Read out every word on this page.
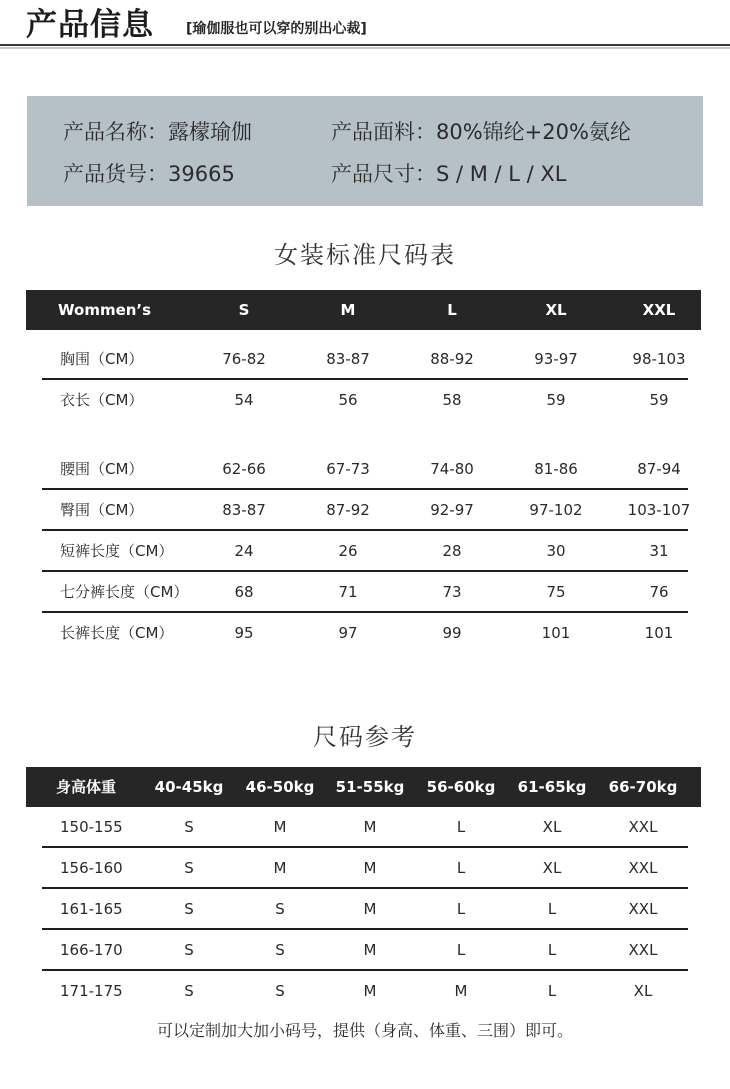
产品信息 [瑜伽服也可以穿的别出心裁]
产品名称：露檬瑜伽	产品面料：80%锦纶+20%氨纶
产品货号：39665	产品尺寸：S / M / L / XL
女装标准尺码表
Wommen’s	S	M	L	XL	XXL
胸围（CM）	76-82	83-87	88-92	93-97	98-103
衣长（CM）	54	56	58	59	59
腰围（CM）	62-66	67-73	74-80	81-86	87-94
臀围（CM）	83-87	87-92	92-97	97-102	103-107
短裤长度（CM）	24	26	28	30	31
七分裤长度（CM）	68	71	73	75	76
长裤长度（CM）	95	97	99	101	101
尺码参考
身高体重	40-45kg	46-50kg	51-55kg	56-60kg	61-65kg	66-70kg
150-155	S	M	M	L	XL	XXL
156-160	S	M	M	L	XL	XXL
161-165	S	S	M	L	L	XXL
166-170	S	S	M	L	L	XXL
171-175	S	S	M	M	L	XL
可以定制加大加小码号，提供（身高、体重、三围）即可。
